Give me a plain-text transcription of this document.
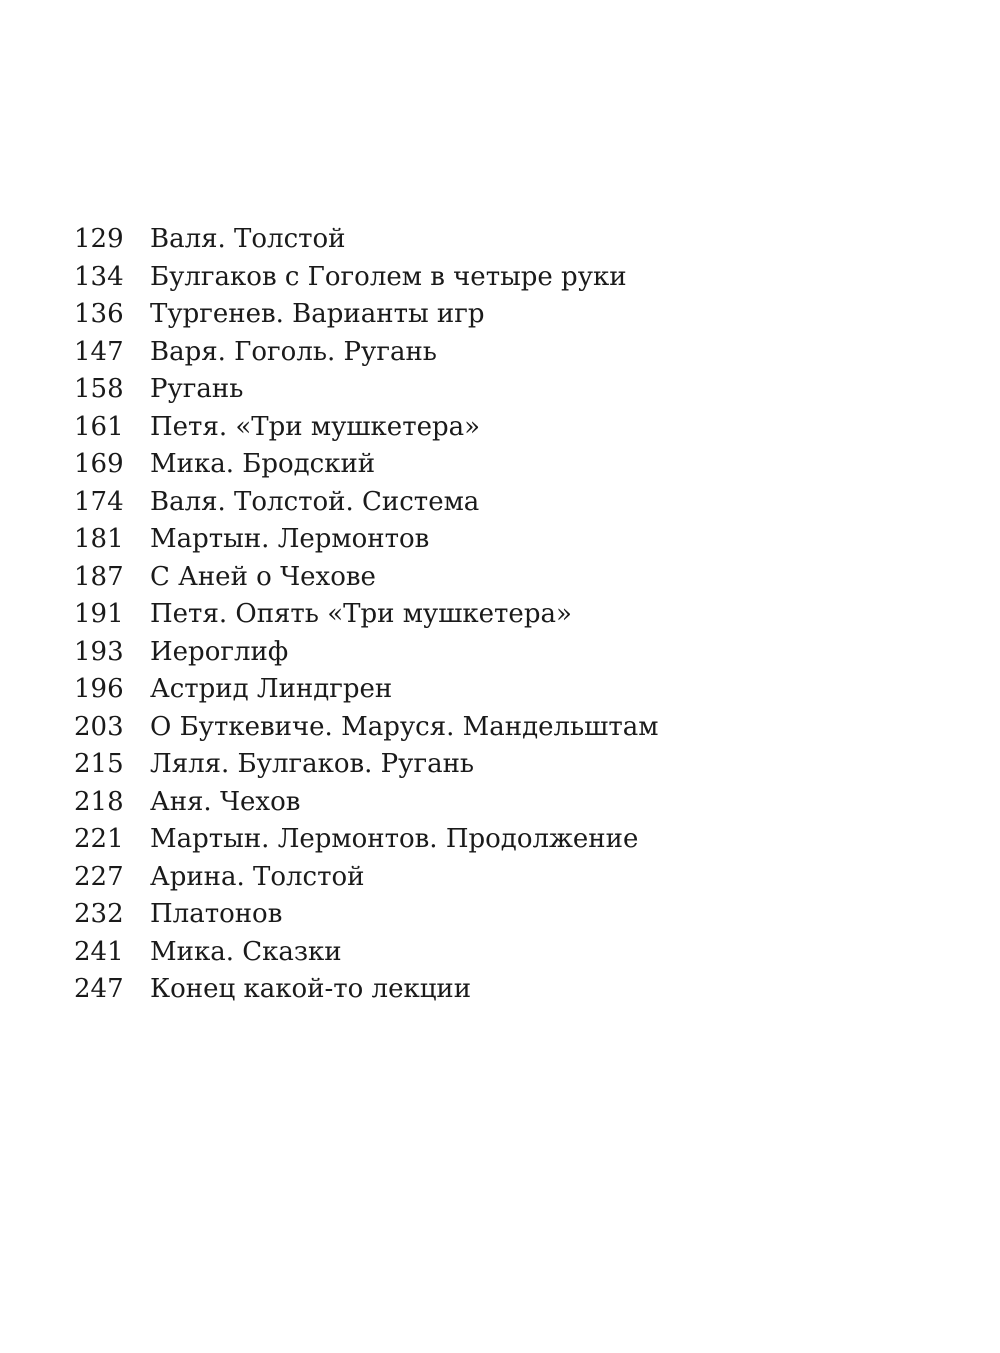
129	Валя. Толстой
134	Булгаков с Гоголем в четыре руки
136	Тургенев. Варианты игр
147	Варя. Гоголь. Ругань
158	Ругань
161	Петя. «Три мушкетера»
169	Мика. Бродский
174	Валя. Толстой. Система
181	Мартын. Лермонтов
187	С Аней о Чехове
191	Петя. Опять «Три мушкетера»
193	Иероглиф
196	Астрид Линдгрен
203	О Буткевиче. Маруся. Мандельштам
215	Ляля. Булгаков. Ругань
218	Аня. Чехов
221	Мартын. Лермонтов. Продолжение
227	Арина. Толстой
232	Платонов
241	Мика. Сказки
247	Конец какой-то лекции
